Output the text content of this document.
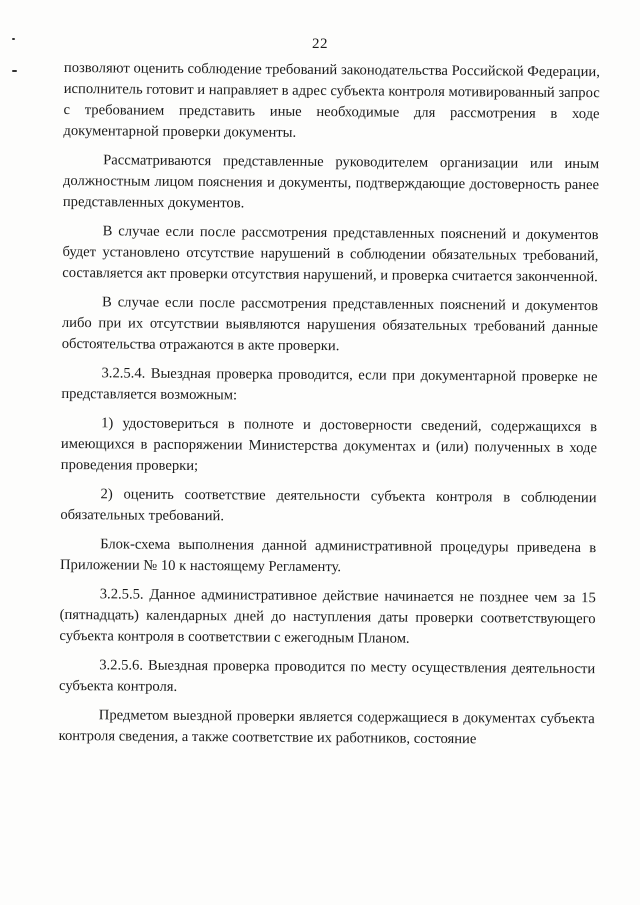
22

позволяют оценить соблюдение требований законодательства Российской Федерации, исполнитель готовит и направляет в адрес субъекта контроля мотивированный запрос с требованием представить иные необходимые для рассмотрения в ходе документарной проверки документы.

Рассматриваются представленные руководителем организации или иным должностным лицом пояснения и документы, подтверждающие достоверность ранее представленных документов.

В случае если после рассмотрения представленных пояснений и документов будет установлено отсутствие нарушений в соблюдении обязательных требований, составляется акт проверки отсутствия нарушений, и проверка считается законченной.

В случае если после рассмотрения представленных пояснений и документов либо при их отсутствии выявляются нарушения обязательных требований данные обстоятельства отражаются в акте проверки.

3.2.5.4. Выездная проверка проводится, если при документарной проверке не представляется возможным:

1) удостовериться в полноте и достоверности сведений, содержащихся в имеющихся в распоряжении Министерства документах и (или) полученных в ходе проведения проверки;

2) оценить соответствие деятельности субъекта контроля в соблюдении обязательных требований.

Блок-схема выполнения данной административной процедуры приведена в Приложении № 10 к настоящему Регламенту.

3.2.5.5. Данное административное действие начинается не позднее чем за 15 (пятнадцать) календарных дней до наступления даты проверки соответствующего субъекта контроля в соответствии с ежегодным Планом.

3.2.5.6. Выездная проверка проводится по месту осуществления деятельности субъекта контроля.

Предметом выездной проверки является содержащиеся в документах субъекта контроля сведения, а также соответствие их работников, состояние
